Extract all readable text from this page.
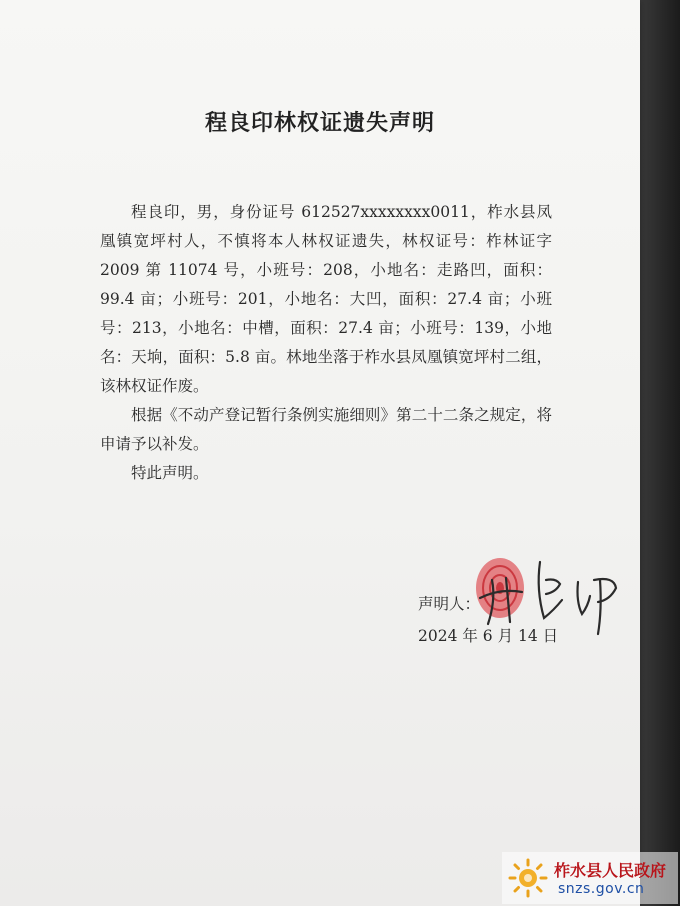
程良印林权证遗失声明

程良印，男，身份证号 612527xxxxxxxx0011，柞水县凤凰镇宽坪村人，不慎将本人林权证遗失，林权证号：柞林证字 2009 第 11074 号，小班号：208，小地名：走路凹，面积：99.4 亩；小班号：201，小地名：大凹，面积：27.4 亩；小班号：213，小地名：中槽，面积：27.4 亩；小班号：139，小地名：天垧，面积：5.8 亩。林地坐落于柞水县凤凰镇宽坪村二组，该林权证作废。

根据《不动产登记暂行条例实施细则》第二十二条之规定，将申请予以补发。

特此声明。

声明人：
2024 年 6 月 14 日
柞水县人民政府
snzs.gov.cn
